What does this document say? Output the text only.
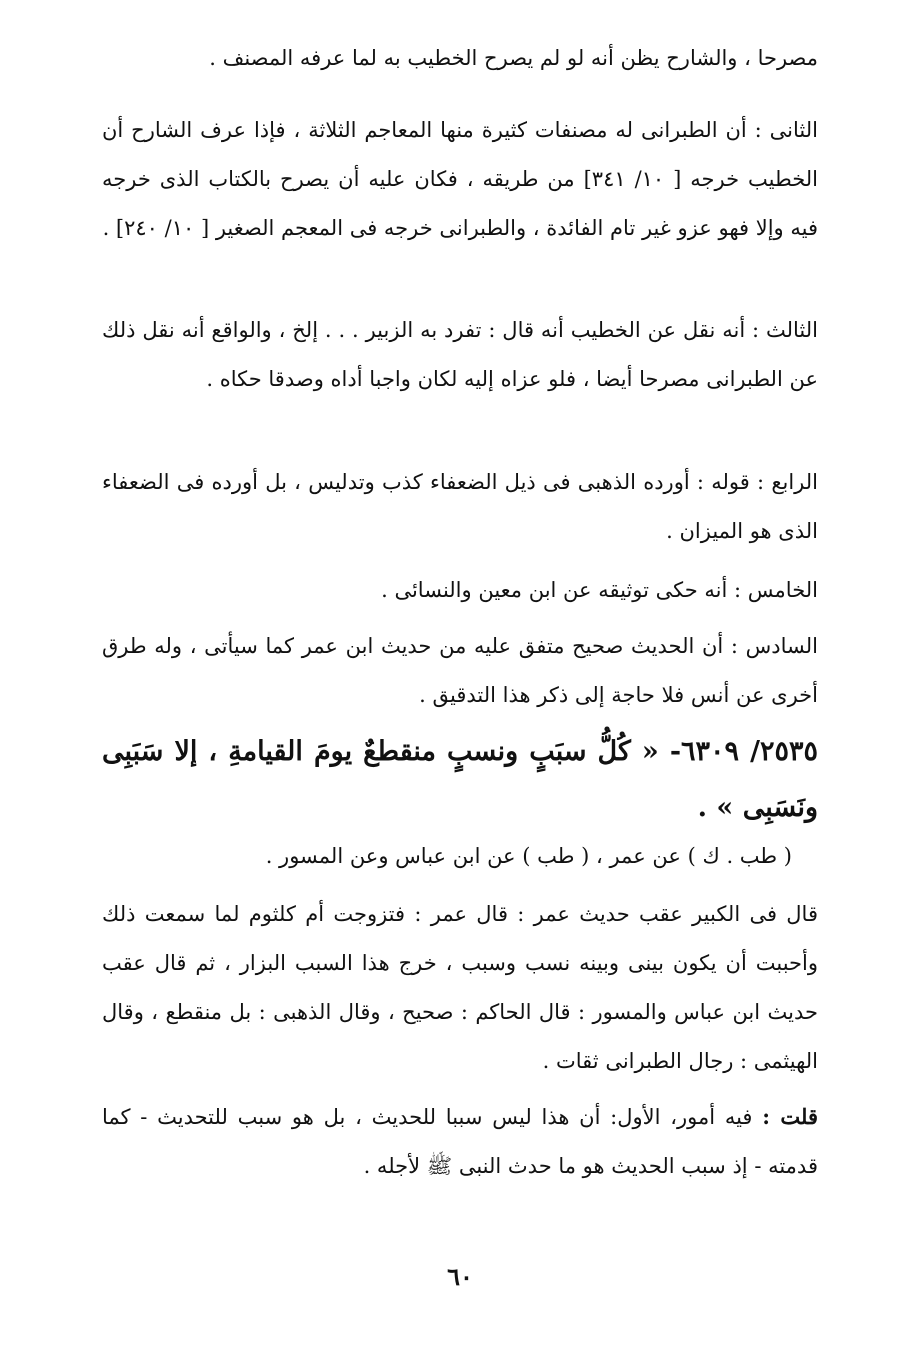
مصرحا ، والشارح يظن أنه لو لم يصرح الخطيب به لما عرفه المصنف .

الثانى : أن الطبرانى له مصنفات كثيرة منها المعاجم الثلاثة ، فإذا عرف الشارح أن الخطيب خرجه [ ١٠/ ٣٤١] من طريقه ، فكان عليه أن يصرح بالكتاب الذى خرجه فيه وإلا فهو عزو غير تام الفائدة ، والطبرانى خرجه فى المعجم الصغير [ ١٠/ ٢٤٠] .

الثالث : أنه نقل عن الخطيب أنه قال : تفرد به الزبير . . . إلخ ، والواقع أنه نقل ذلك عن الطبرانى مصرحا أيضا ، فلو عزاه إليه لكان واجبا أداه وصدقا حكاه .

الرابع : قوله : أورده الذهبى فى ذيل الضعفاء كذب وتدليس ، بل أورده فى الضعفاء الذى هو الميزان .

الخامس : أنه حكى توثيقه عن ابن معين والنسائى .

السادس : أن الحديث صحيح متفق عليه من حديث ابن عمر كما سيأتى ، وله طرق أخرى عن أنس فلا حاجة إلى ذكر هذا التدقيق .

٢٥٣٥/ ٦٣٠٩- « كُلُّ سبَبٍ ونسبٍ منقطعٌ يومَ القيامةِ ، إلا سَبَبِى ونَسَبِى » .

( طب . ك ) عن عمر ، ( طب ) عن ابن عباس وعن المسور .

قال فى الكبير عقب حديث عمر : قال عمر : فتزوجت أم كلثوم لما سمعت ذلك وأحببت أن يكون بينى وبينه نسب وسبب ، خرج هذا السبب البزار ، ثم قال عقب حديث ابن عباس والمسور : قال الحاكم : صحيح ، وقال الذهبى : بل منقطع ، وقال الهيثمى : رجال الطبرانى ثقات .

قلت : فيه أمور، الأول: أن هذا ليس سببا للحديث ، بل هو سبب للتحديث - كما قدمته - إذ سبب الحديث هو ما حدث النبى ﷺ لأجله .

٦٠
